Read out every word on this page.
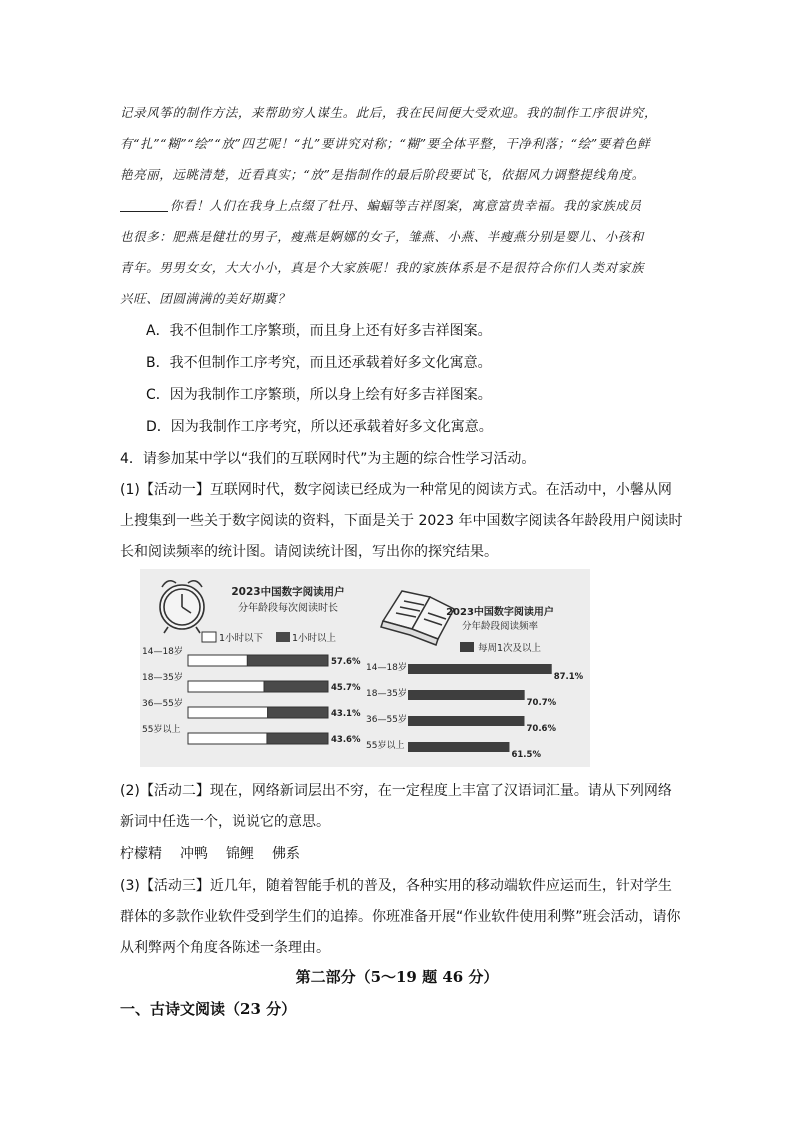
记录风筝的制作方法，来帮助穷人谋生。此后，我在民间便大受欢迎。我的制作工序很讲究，
有“扎”“糊”“绘”“放”四艺呢！“扎”要讲究对称；“糊”要全体平整，干净利落；“绘”要着色鲜
艳亮丽，远眺清楚，近看真实；“放”是指制作的最后阶段要试飞，依据风力调整提线角度。
你看！人们在我身上点缀了牡丹、蝙蝠等吉祥图案，寓意富贵幸福。我的家族成员
也很多：肥燕是健壮的男子，瘦燕是婀娜的女子，雏燕、小燕、半瘦燕分别是婴儿、小孩和
青年。男男女女，大大小小，真是个大家族呢！我的家族体系是不是很符合你们人类对家族
兴旺、团圆满满的美好期冀？
A．我不但制作工序繁琐，而且身上还有好多吉祥图案。
B．我不但制作工序考究，而且还承载着好多文化寓意。
C．因为我制作工序繁琐，所以身上绘有好多吉祥图案。
D．因为我制作工序考究，所以还承载着好多文化寓意。
4．请参加某中学以“我们的互联网时代”为主题的综合性学习活动。
(1)【活动一】互联网时代，数字阅读已经成为一种常见的阅读方式。在活动中，小馨从网
上搜集到一些关于数字阅读的资料，下面是关于 2023 年中国数字阅读各年龄段用户阅读时
长和阅读频率的统计图。请阅读统计图，写出你的探究结果。
2023中国数字阅读用户
分年龄段每次阅读时长	2023中国数字阅读用户
分年龄段阅读频率
1小时以下	1小时以上
每周1次及以上
14—18岁
57.6%
18—35岁
45.7%
36—55岁
43.1%
55岁以上
43.6%
14—18岁
87.1%
18—35岁
70.7%
36—55岁
70.6%
55岁以上
61.5%
(2)【活动二】现在，网络新词层出不穷，在一定程度上丰富了汉语词汇量。请从下列网络
新词中任选一个，说说它的意思。
柠檬精 冲鸭 锦鲤 佛系
(3)【活动三】近几年，随着智能手机的普及，各种实用的移动端软件应运而生，针对学生
群体的多款作业软件受到学生们的追捧。你班准备开展“作业软件使用利弊”班会活动，请你
从利弊两个角度各陈述一条理由。
第二部分（5～19 题 46 分）
一、古诗文阅读（23 分）
